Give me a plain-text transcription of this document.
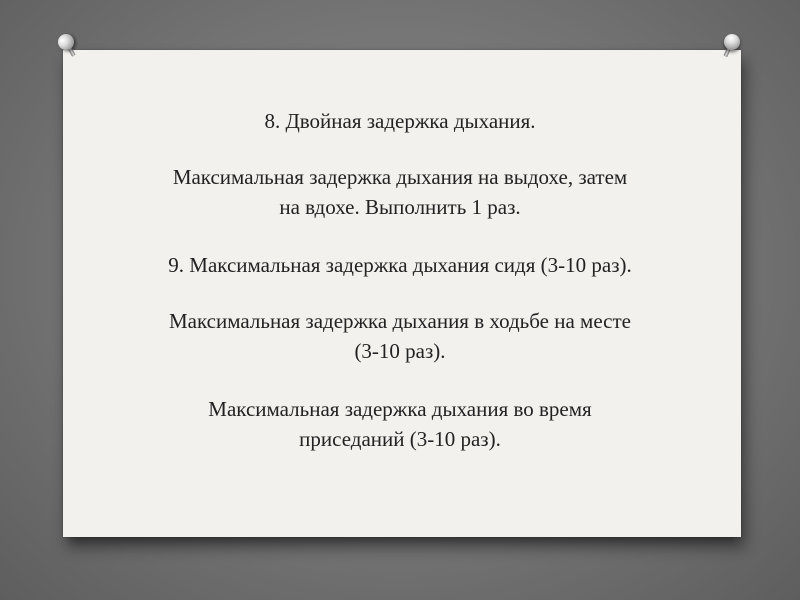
8. Двойная задержка дыхания.

Максимальная задержка дыхания на выдохе, затем

на вдохе. Выполнить 1 раз.

9. Максимальная задержка дыхания сидя (3-10 раз).

Максимальная задержка дыхания в ходьбе на месте

(3-10 раз).

Максимальная задержка дыхания во время

приседаний (3-10 раз).
